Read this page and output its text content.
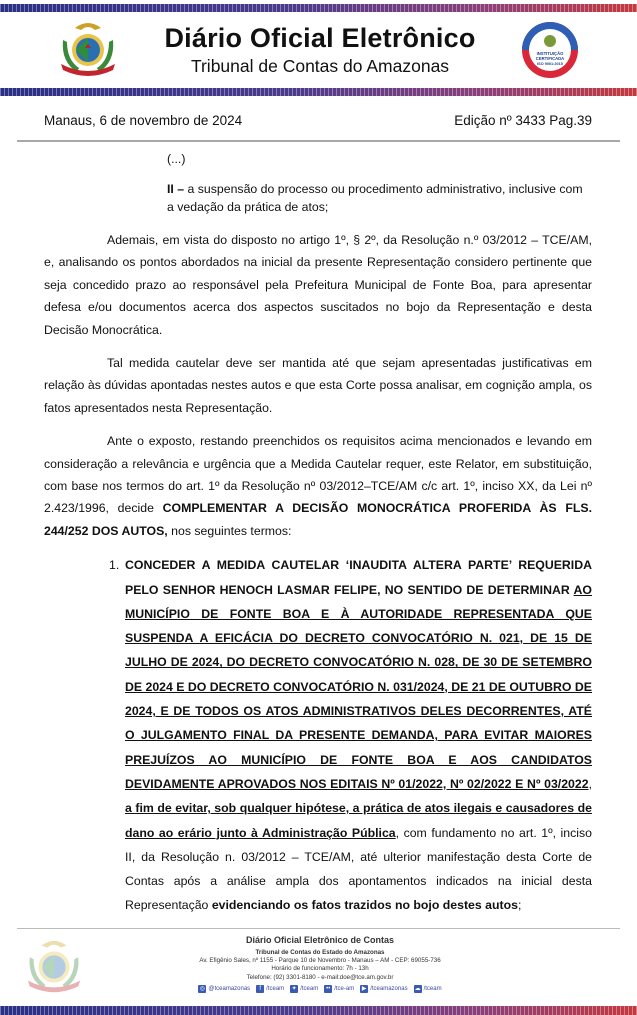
Diário Oficial Eletrônico
Tribunal de Contas do Amazonas
INSTITUIÇÃO
CERTIFICADA
ISO 9001:2015
Manaus, 6 de novembro de 2024	Edição nº 3433 Pag.39
(...)
II – a suspensão do processo ou procedimento administrativo, inclusive com a vedação da prática de atos;
Ademais, em vista do disposto no artigo 1º, § 2º, da Resolução n.º 03/2012 – TCE/AM, e, analisando os pontos abordados na inicial da presente Representação considero pertinente que seja concedido prazo ao responsável pela Prefeitura Municipal de Fonte Boa, para apresentar defesa e/ou documentos acerca dos aspectos suscitados no bojo da Representação e desta Decisão Monocrática.
Tal medida cautelar deve ser mantida até que sejam apresentadas justificativas em relação às dúvidas apontadas nestes autos e que esta Corte possa analisar, em cognição ampla, os fatos apresentados nesta Representação.
Ante o exposto, restando preenchidos os requisitos acima mencionados e levando em consideração a relevância e urgência que a Medida Cautelar requer, este Relator, em substituição, com base nos termos do art. 1º da Resolução nº 03/2012–TCE/AM c/c art. 1º, inciso XX, da Lei nº 2.423/1996, decide COMPLEMENTAR A DECISÃO MONOCRÁTICA PROFERIDA ÀS FLS. 244/252 DOS AUTOS, nos seguintes termos:
1. CONCEDER A MEDIDA CAUTELAR ‘INAUDITA ALTERA PARTE’ REQUERIDA PELO SENHOR HENOCH LASMAR FELIPE, NO SENTIDO DE DETERMINAR AO MUNICÍPIO DE FONTE BOA E À AUTORIDADE REPRESENTADA QUE SUSPENDA A EFICÁCIA DO DECRETO CONVOCATÓRIO N. 021, DE 15 DE JULHO DE 2024, DO DECRETO CONVOCATÓRIO N. 028, DE 30 DE SETEMBRO DE 2024 E DO DECRETO CONVOCATÓRIO N. 031/2024, DE 21 DE OUTUBRO DE 2024, E DE TODOS OS ATOS ADMINISTRATIVOS DELES DECORRENTES, ATÉ O JULGAMENTO FINAL DA PRESENTE DEMANDA, PARA EVITAR MAIORES PREJUÍZOS AO MUNICÍPIO DE FONTE BOA E AOS CANDIDATOS DEVIDAMENTE APROVADOS NOS EDITAIS Nº 01/2022, Nº 02/2022 E Nº 03/2022, a fim de evitar, sob qualquer hipótese, a prática de atos ilegais e causadores de dano ao erário junto à Administração Pública, com fundamento no art. 1º, inciso II, da Resolução n. 03/2012 – TCE/AM, até ulterior manifestação desta Corte de Contas após a análise ampla dos apontamentos indicados na inicial desta Representação evidenciando os fatos trazidos no bojo destes autos;
Diário Oficial Eletrônico de Contas
Tribunal de Contas do Estado do Amazonas
Av. Efigênio Sales, nº 1155 - Parque 10 de Novembro - Manaus – AM - CEP: 69055-736
Horário de funcionamento: 7h - 13h
Telefone: (92) 3301-8180 - e-mail:doe@tce.am.gov.br
◎ @tceamazonas	f /tceam ✦ /tceam	•• /tce-am ▶ /tceamazonas ☁ /tceam
